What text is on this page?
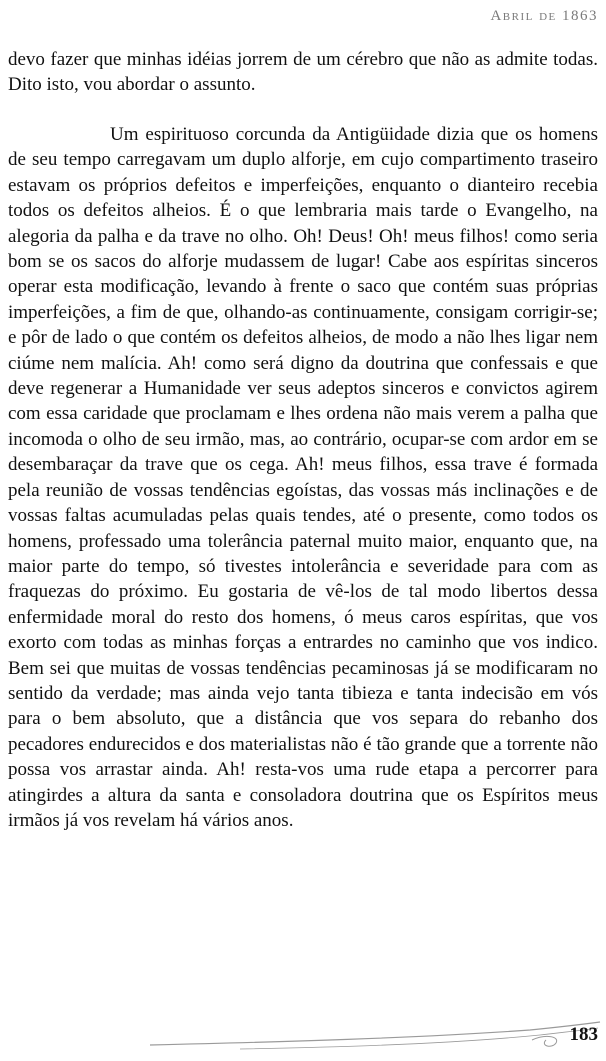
Abril de 1863
devo fazer que minhas idéias jorrem de um cérebro que não as admite todas. Dito isto, vou abordar o assunto.
Um espirituoso corcunda da Antigüidade dizia que os homens de seu tempo carregavam um duplo alforje, em cujo compartimento traseiro estavam os próprios defeitos e imperfeições, enquanto o dianteiro recebia todos os defeitos alheios. É o que lembraria mais tarde o Evangelho, na alegoria da palha e da trave no olho. Oh! Deus! Oh! meus filhos! como seria bom se os sacos do alforje mudassem de lugar! Cabe aos espíritas sinceros operar esta modificação, levando à frente o saco que contém suas próprias imperfeições, a fim de que, olhando-as continuamente, consigam corrigir-se; e pôr de lado o que contém os defeitos alheios, de modo a não lhes ligar nem ciúme nem malícia. Ah! como será digno da doutrina que confessais e que deve regenerar a Humanidade ver seus adeptos sinceros e convictos agirem com essa caridade que proclamam e lhes ordena não mais verem a palha que incomoda o olho de seu irmão, mas, ao contrário, ocupar-se com ardor em se desembaraçar da trave que os cega. Ah! meus filhos, essa trave é formada pela reunião de vossas tendências egoístas, das vossas más inclinações e de vossas faltas acumuladas pelas quais tendes, até o presente, como todos os homens, professado uma tolerância paternal muito maior, enquanto que, na maior parte do tempo, só tivestes intolerância e severidade para com as fraquezas do próximo. Eu gostaria de vê-los de tal modo libertos dessa enfermidade moral do resto dos homens, ó meus caros espíritas, que vos exorto com todas as minhas forças a entrardes no caminho que vos indico. Bem sei que muitas de vossas tendências pecaminosas já se modificaram no sentido da verdade; mas ainda vejo tanta tibieza e tanta indecisão em vós para o bem absoluto, que a distância que vos separa do rebanho dos pecadores endurecidos e dos materialistas não é tão grande que a torrente não possa vos arrastar ainda. Ah! resta-vos uma rude etapa a percorrer para atingirdes a altura da santa e consoladora doutrina que os Espíritos meus irmãos já vos revelam há vários anos.
183
